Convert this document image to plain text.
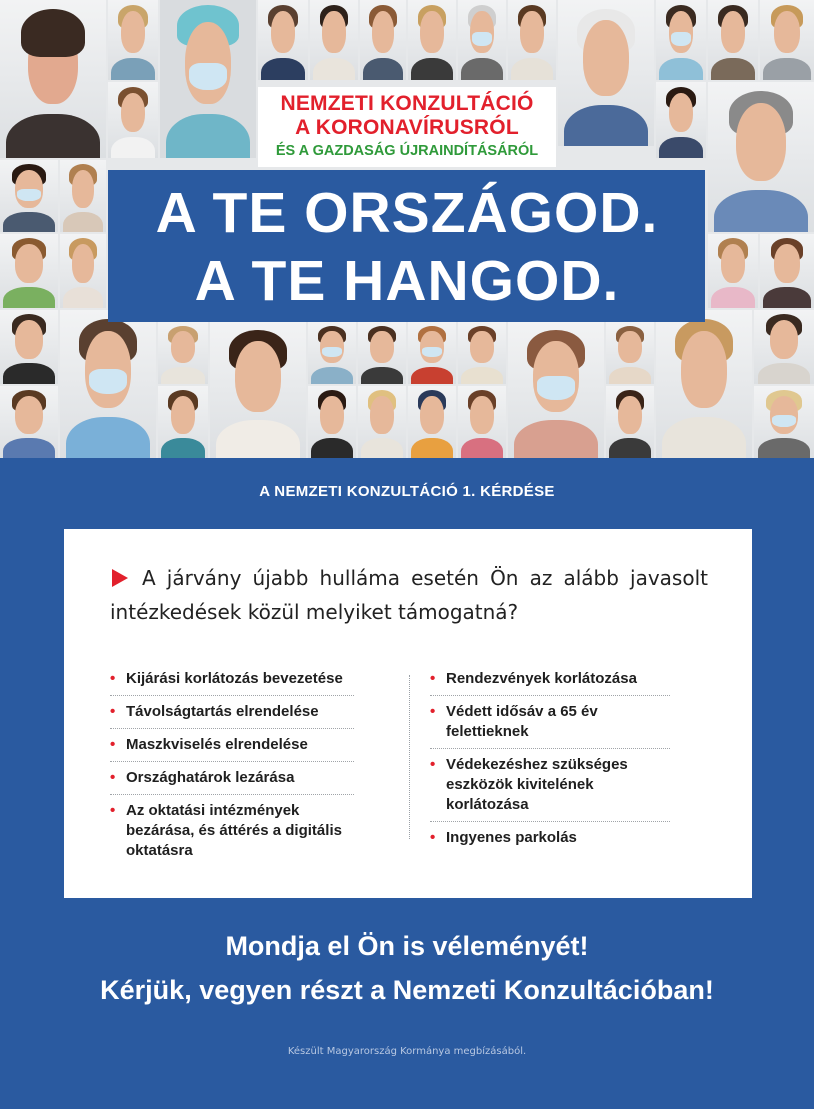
NEMZETI KONZULTÁCIÓ
A KORONAVÍRUSRÓL
ÉS A GAZDASÁG ÚJRAINDÍTÁSÁRÓL
A TE ORSZÁGOD.
A TE HANGOD.
A NEMZETI KONZULTÁCIÓ 1. KÉRDÉSE
A járvány újabb hulláma esetén Ön az alább javasolt intézkedések közül melyiket támogatná?
• Kijárási korlátozás bevezetése
• Távolságtartás elrendelése
• Maszkviselés elrendelése
• Országhatárok lezárása
• Az oktatási intézmények bezárása, és áttérés a digitális oktatásra
• Rendezvények korlátozása
• Védett idősáv a 65 év felettieknek
• Védekezéshez szükséges eszközök kivitelének korlátozása
• Ingyenes parkolás
Mondja el Ön is véleményét!
Kérjük, vegyen részt a Nemzeti Konzultációban!
Készült Magyarország Kormánya megbízásából.
